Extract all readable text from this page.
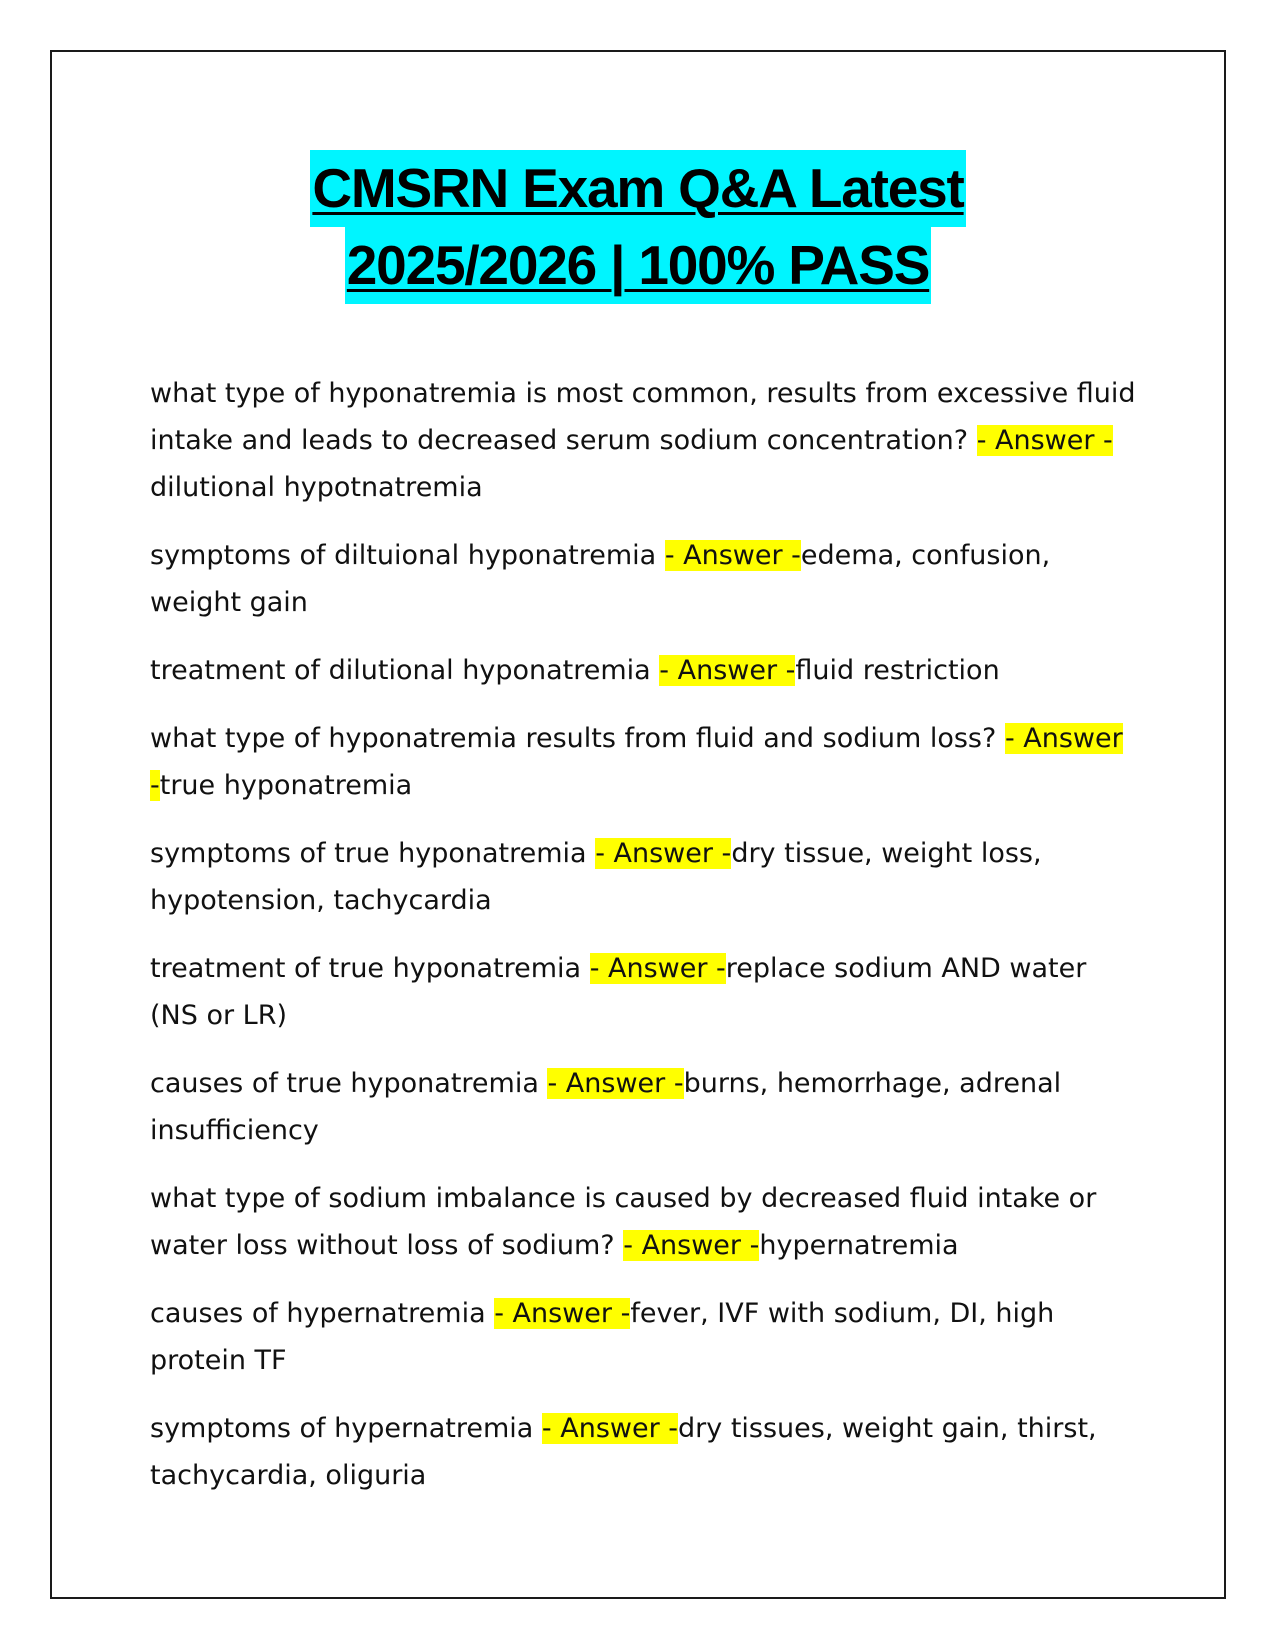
CMSRN Exam Q&A Latest
2025/2026 | 100% PASS

what type of hyponatremia is most common, results from excessive fluid intake and leads to decreased serum sodium concentration? - Answer -dilutional hypotnatremia

symptoms of diltuional hyponatremia - Answer -edema, confusion, weight gain

treatment of dilutional hyponatremia - Answer -fluid restriction

what type of hyponatremia results from fluid and sodium loss? - Answer -true hyponatremia

symptoms of true hyponatremia - Answer -dry tissue, weight loss, hypotension, tachycardia

treatment of true hyponatremia - Answer -replace sodium AND water (NS or LR)

causes of true hyponatremia - Answer -burns, hemorrhage, adrenal insufficiency

what type of sodium imbalance is caused by decreased fluid intake or water loss without loss of sodium? - Answer -hypernatremia

causes of hypernatremia - Answer -fever, IVF with sodium, DI, high protein TF

symptoms of hypernatremia - Answer -dry tissues, weight gain, thirst, tachycardia, oliguria
